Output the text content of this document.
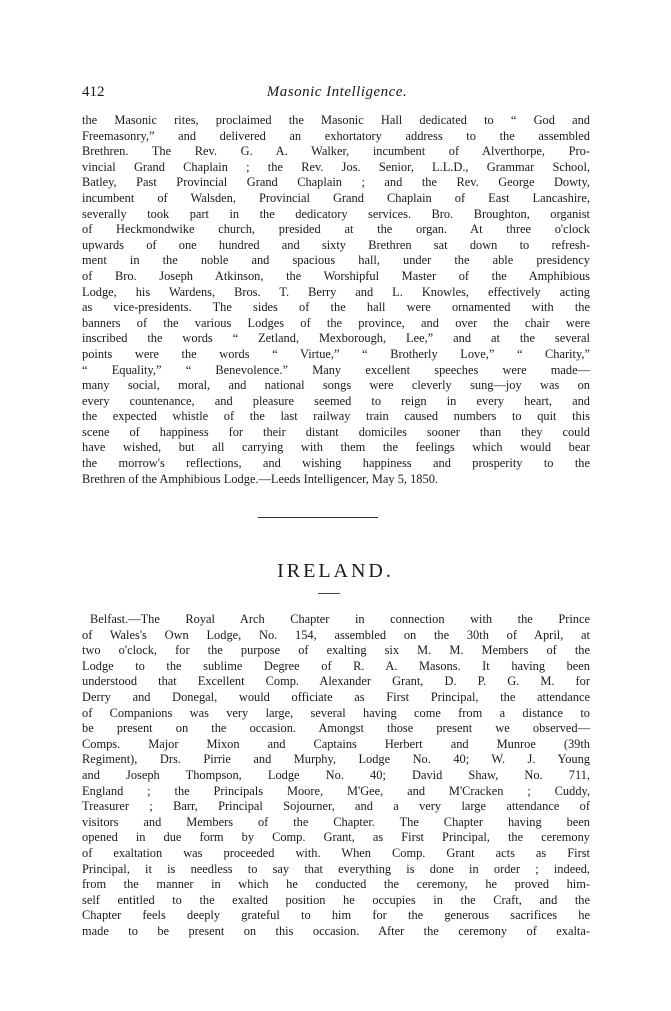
412	Masonic Intelligence.
the Masonic rites, proclaimed the Masonic Hall dedicated to “ God and
Freemasonry,” and delivered an exhortatory address to the assembled
Brethren. The Rev. G. A. Walker, incumbent of Alverthorpe, Pro-
vincial Grand Chaplain ; the Rev. Jos. Senior, L.L.D., Grammar School,
Batley, Past Provincial Grand Chaplain ; and the Rev. George Dowty,
incumbent of Walsden, Provincial Grand Chaplain of East Lancashire,
severally took part in the dedicatory services. Bro. Broughton, organist
of Heckmondwike church, presided at the organ. At three o'clock
upwards of one hundred and sixty Brethren sat down to refresh-
ment in the noble and spacious hall, under the able presidency
of Bro. Joseph Atkinson, the Worshipful Master of the Amphibious
Lodge, his Wardens, Bros. T. Berry and L. Knowles, effectively acting
as vice-presidents. The sides of the hall were ornamented with the
banners of the various Lodges of the province, and over the chair were
inscribed the words “ Zetland, Mexborough, Lee,” and at the several
points were the words “ Virtue,” “ Brotherly Love,” “ Charity,”
“ Equality,” “ Benevolence.” Many excellent speeches were made—
many social, moral, and national songs were cleverly sung—joy was on
every countenance, and pleasure seemed to reign in every heart, and
the expected whistle of the last railway train caused numbers to quit this
scene of happiness for their distant domiciles sooner than they could
have wished, but all carrying with them the feelings which would bear
the morrow's reflections, and wishing happiness and prosperity to the
Brethren of the Amphibious Lodge.—Leeds Intelligencer, May 5, 1850.
IRELAND.
Belfast.—The Royal Arch Chapter in connection with the Prince
of Wales's Own Lodge, No. 154, assembled on the 30th of April, at
two o'clock, for the purpose of exalting six M. M. Members of the
Lodge to the sublime Degree of R. A. Masons. It having been
understood that Excellent Comp. Alexander Grant, D. P. G. M. for
Derry and Donegal, would officiate as First Principal, the attendance
of Companions was very large, several having come from a distance to
be present on the occasion. Amongst those present we observed—
Comps. Major Mixon and Captains Herbert and Munroe (39th
Regiment), Drs. Pirrie and Murphy, Lodge No. 40; W. J. Young
and Joseph Thompson, Lodge No. 40; David Shaw, No. 711,
England ; the Principals Moore, M'Gee, and M'Cracken ; Cuddy,
Treasurer ; Barr, Principal Sojourner, and a very large attendance of
visitors and Members of the Chapter. The Chapter having been
opened in due form by Comp. Grant, as First Principal, the ceremony
of exaltation was proceeded with. When Comp. Grant acts as First
Principal, it is needless to say that everything is done in order ; indeed,
from the manner in which he conducted the ceremony, he proved him-
self entitled to the exalted position he occupies in the Craft, and the
Chapter feels deeply grateful to him for the generous sacrifices he
made to be present on this occasion. After the ceremony of exalta-
